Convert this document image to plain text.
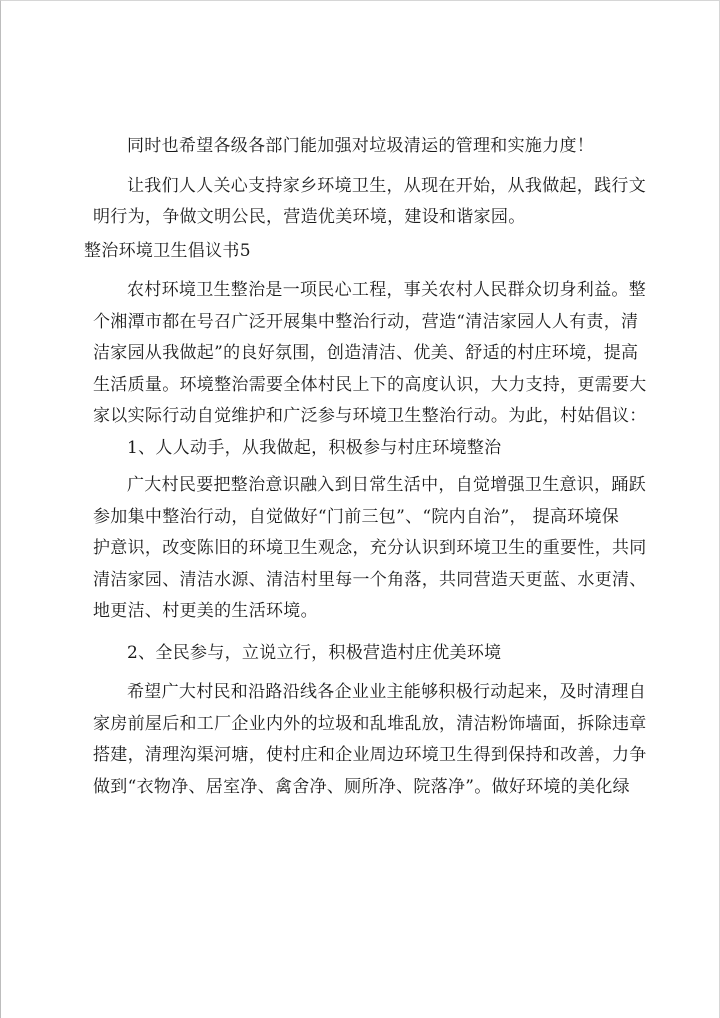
同时也希望各级各部门能加强对垃圾清运的管理和实施力度！
让我们人人关心支持家乡环境卫生，从现在开始，从我做起，践行文
明行为，争做文明公民，营造优美环境，建设和谐家园。
整治环境卫生倡议书5
农村环境卫生整治是一项民心工程，事关农村人民群众切身利益。整
个湘潭市都在号召广泛开展集中整治行动，营造“清洁家园人人有责，清
洁家园从我做起”的良好氛围，创造清洁、优美、舒适的村庄环境，提高
生活质量。环境整治需要全体村民上下的高度认识，大力支持，更需要大
家以实际行动自觉维护和广泛参与环境卫生整治行动。为此，村姑倡议：
1、人人动手，从我做起，积极参与村庄环境整治
广大村民要把整治意识融入到日常生活中，自觉增强卫生意识，踊跃
参加集中整治行动，自觉做好“门前三包”、“院内自治”， 提高环境保
护意识，改变陈旧的环境卫生观念，充分认识到环境卫生的重要性，共同
清洁家园、清洁水源、清洁村里每一个角落，共同营造天更蓝、水更清、
地更洁、村更美的生活环境。
2、全民参与，立说立行，积极营造村庄优美环境
希望广大村民和沿路沿线各企业业主能够积极行动起来，及时清理自
家房前屋后和工厂企业内外的垃圾和乱堆乱放，清洁粉饰墙面，拆除违章
搭建，清理沟渠河塘，使村庄和企业周边环境卫生得到保持和改善，力争
做到“衣物净、居室净、禽舍净、厕所净、院落净”。做好环境的美化绿
